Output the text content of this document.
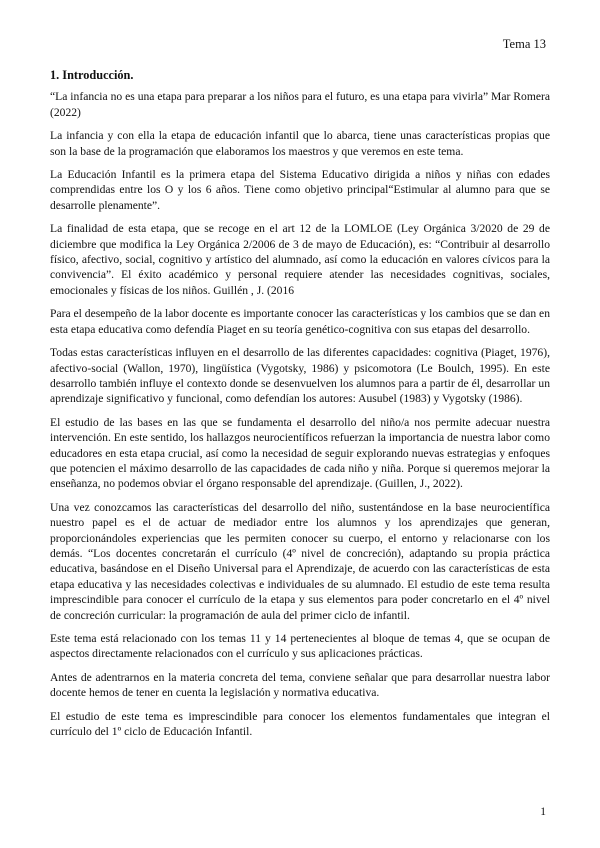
Tema 13
1. Introducción.

“La infancia no es una etapa para preparar a los niños para el futuro, es una etapa para vivirla” Mar Romera (2022)

La infancia y con ella la etapa de educación infantil que lo abarca, tiene unas características propias que son la base de la programación que elaboramos los maestros y que veremos en este tema.

La Educación Infantil es la primera etapa del Sistema Educativo dirigida a niños y niñas con edades comprendidas entre los O y los 6 años. Tiene como objetivo principal“Estimular al alumno para que se desarrolle plenamente”.

La finalidad de esta etapa, que se recoge en el art 12 de la LOMLOE (Ley Orgánica 3/2020 de 29 de diciembre que modifica la Ley Orgánica 2/2006 de 3 de mayo de Educación), es: “Contribuir al desarrollo físico, afectivo, social, cognitivo y artístico del alumnado, así como la educación en valores cívicos para la convivencia”. El éxito académico y personal requiere atender las necesidades cognitivas, sociales, emocionales y físicas de los niños. Guillén , J. (2016

Para el desempeño de la labor docente es importante conocer las características y los cambios que se dan en esta etapa educativa como defendía Piaget en su teoría genético-cognitiva con sus etapas del desarrollo.

Todas estas características influyen en el desarrollo de las diferentes capacidades: cognitiva (Piaget, 1976), afectivo-social (Wallon, 1970), lingüística (Vygotsky, 1986) y psicomotora (Le Boulch, 1995). En este desarrollo también influye el contexto donde se desenvuelven los alumnos para a partir de él, desarrollar un aprendizaje significativo y funcional, como defendían los autores: Ausubel (1983) y Vygotsky (1986).

El estudio de las bases en las que se fundamenta el desarrollo del niño/a nos permite adecuar nuestra intervención. En este sentido, los hallazgos neurocientíficos refuerzan la importancia de nuestra labor como educadores en esta etapa crucial, así como la necesidad de seguir explorando nuevas estrategias y enfoques que potencien el máximo desarrollo de las capacidades de cada niño y niña. Porque si queremos mejorar la enseñanza, no podemos obviar el órgano responsable del aprendizaje. (Guillen, J., 2022).

Una vez conozcamos las características del desarrollo del niño, sustentándose en la base neurocientífica nuestro papel es el de actuar de mediador entre los alumnos y los aprendizajes que generan, proporcionándoles experiencias que les permiten conocer su cuerpo, el entorno y relacionarse con los demás. “Los docentes concretarán el currículo (4º nivel de concreción), adaptando su propia práctica educativa, basándose en el Diseño Universal para el Aprendizaje, de acuerdo con las características de esta etapa educativa y las necesidades colectivas e individuales de su alumnado. El estudio de este tema resulta imprescindible para conocer el currículo de la etapa y sus elementos para poder concretarlo en el 4º nivel de concreción curricular: la programación de aula del primer ciclo de infantil.

Este tema está relacionado con los temas 11 y 14 pertenecientes al bloque de temas 4, que se ocupan de aspectos directamente relacionados con el currículo y sus aplicaciones prácticas.

Antes de adentrarnos en la materia concreta del tema, conviene señalar que para desarrollar nuestra labor docente hemos de tener en cuenta la legislación y normativa educativa.

El estudio de este tema es imprescindible para conocer los elementos fundamentales que integran el currículo del 1º ciclo de Educación Infantil.

1
